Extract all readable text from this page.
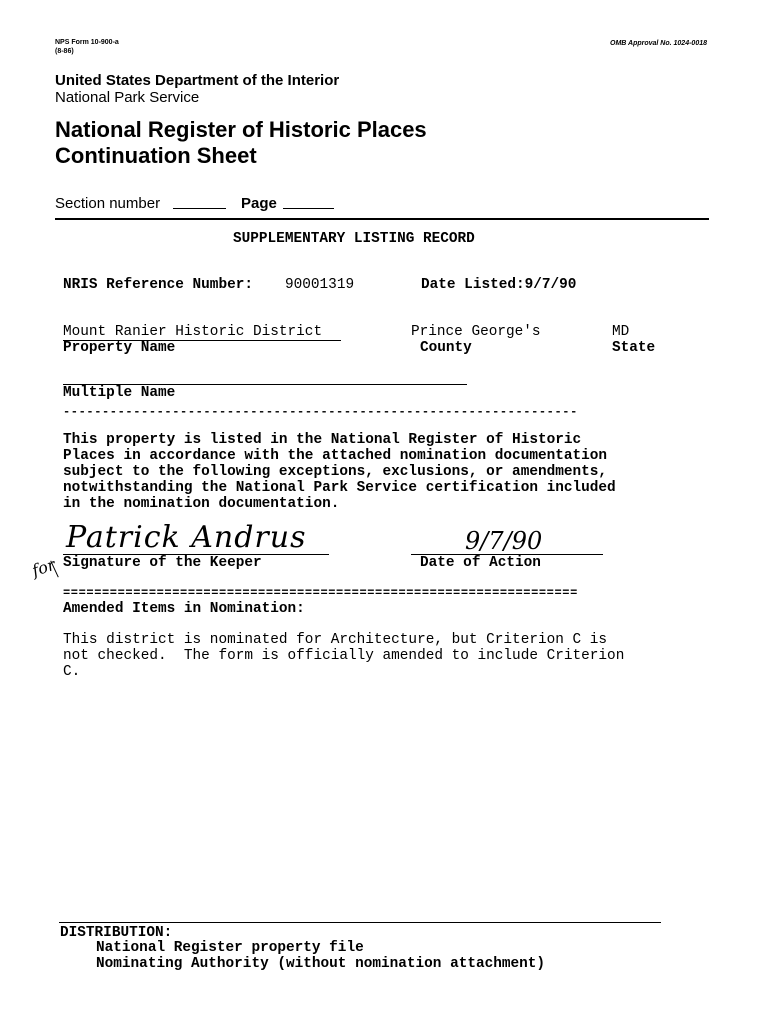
NPS Form 10-900-a
(8-86)
OMB Approval No. 1024-0018
United States Department of the Interior
National Park Service
National Register of Historic Places
Continuation Sheet
Section number	Page
SUPPLEMENTARY LISTING RECORD
NRIS Reference Number: 90001319	Date Listed:9/7/90
Mount Ranier Historic District
Property Name
Prince George's
County
MD
State
Multiple Name
------------------------------------------------------------------
This property is listed in the National Register of Historic
Places in accordance with the attached nomination documentation
subject to the following exceptions, exclusions, or amendments,
notwithstanding the National Park Service certification included
in the nomination documentation.
Patrick Andrus
for Signature of the Keeper
9/7/90
Date of Action
==================================================================
Amended Items in Nomination:
This district is nominated for Architecture, but Criterion C is
not checked.  The form is officially amended to include Criterion
C.
DISTRIBUTION:
National Register property file
Nominating Authority (without nomination attachment)
